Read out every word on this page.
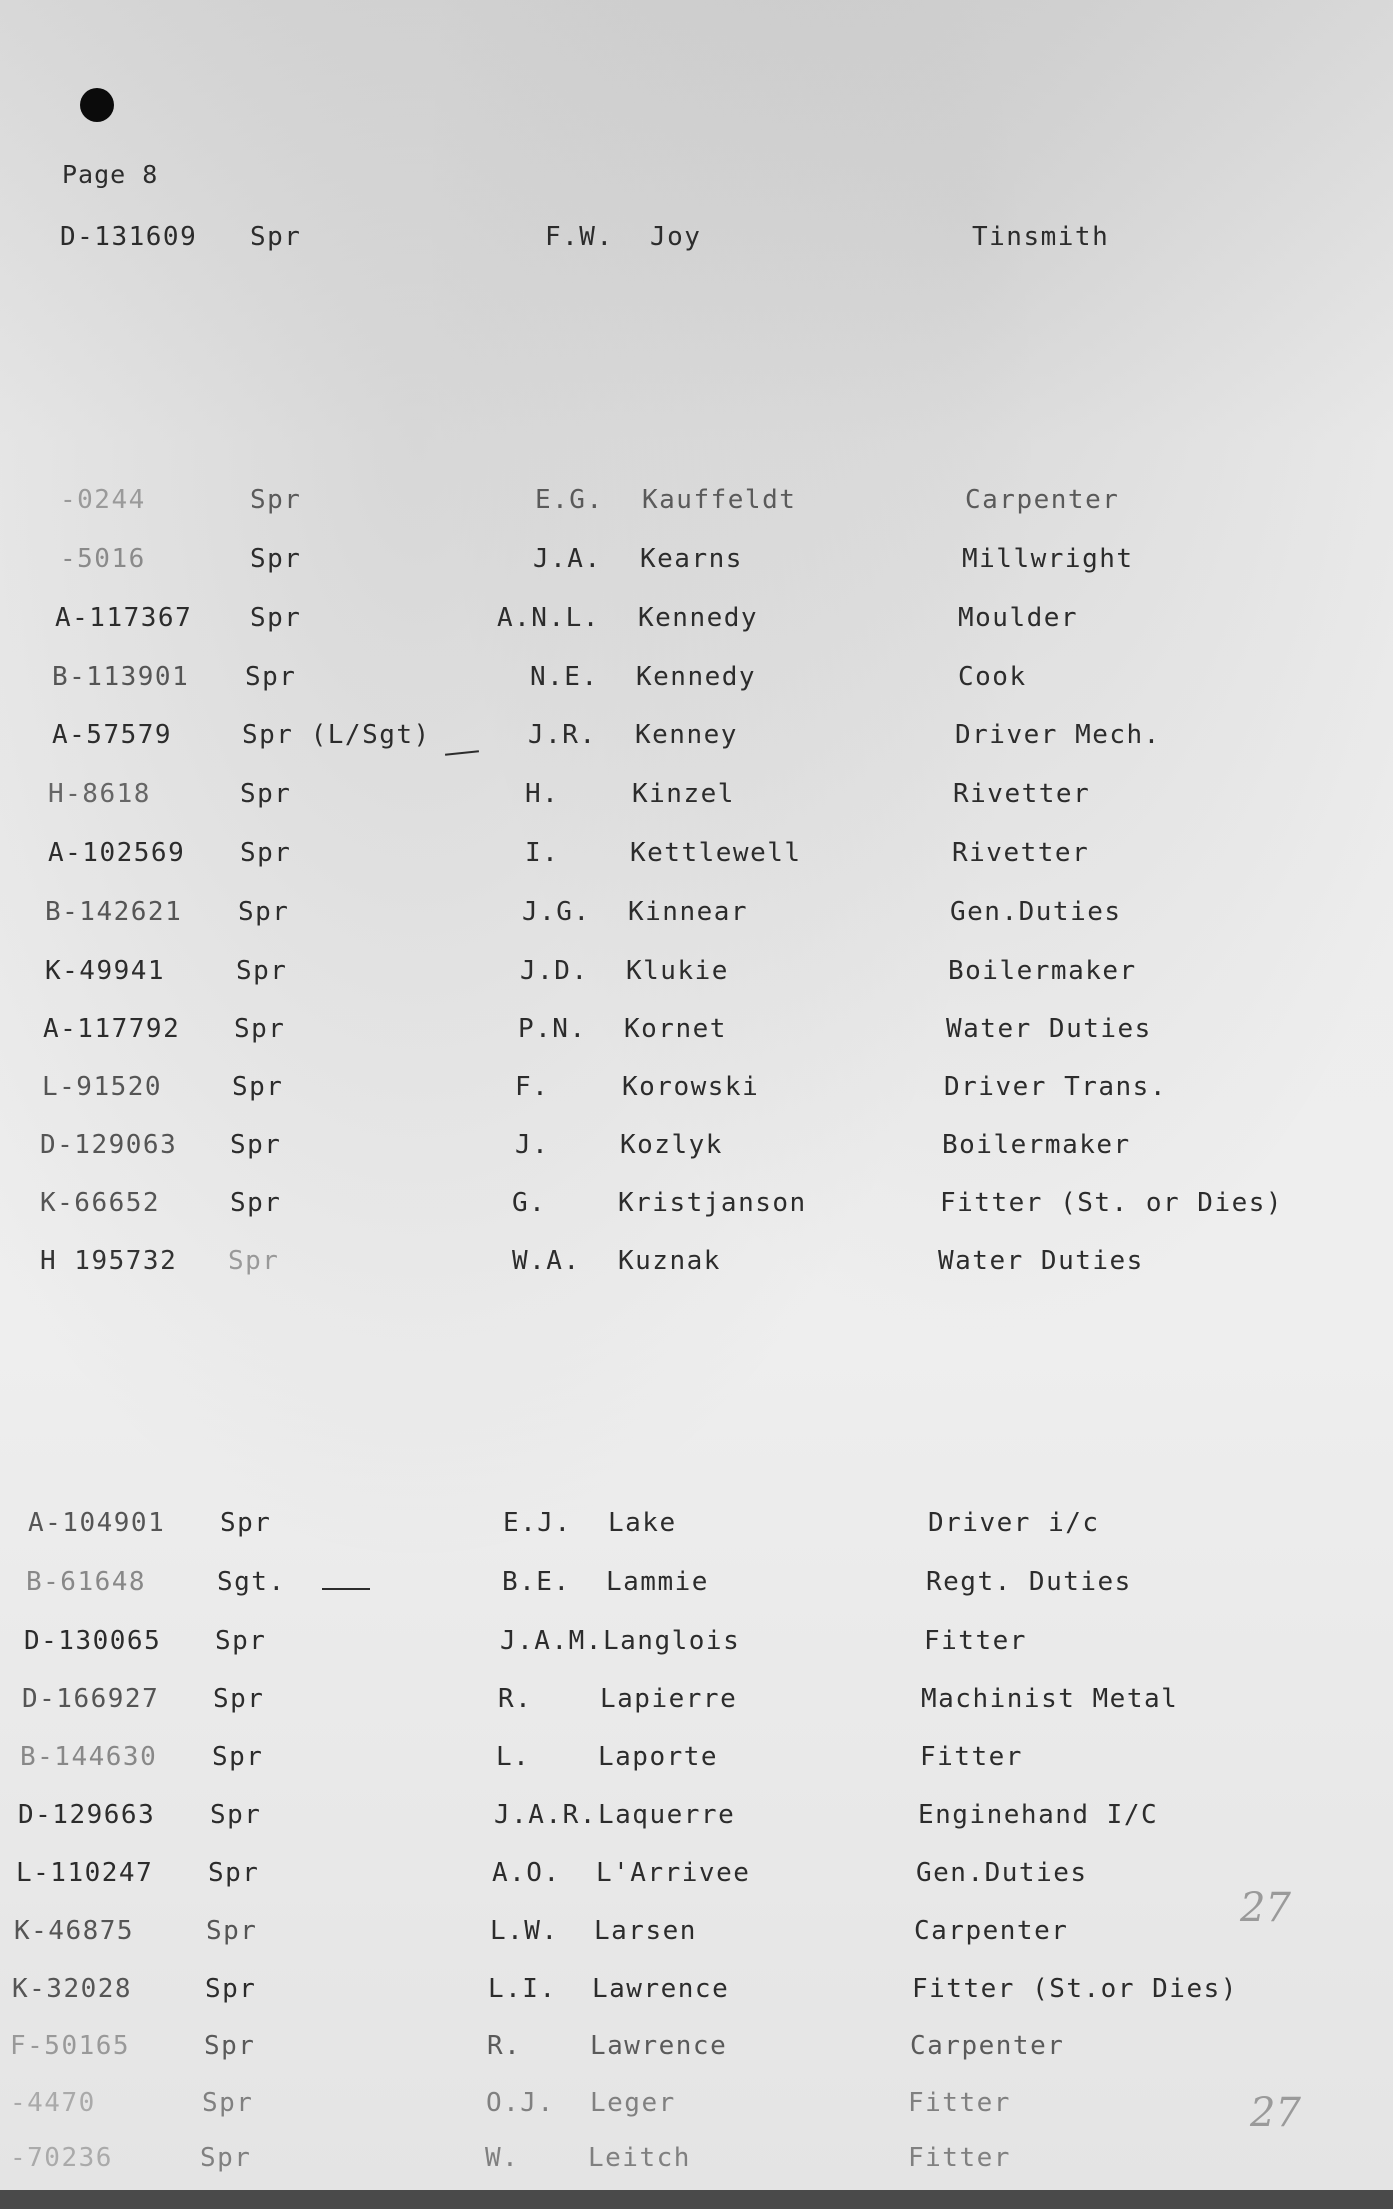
Page 8
D-131609 Spr	F.W. Joy	Tinsmith
-0244	Spr	E.G. Kauffeldt	Carpenter
-5016	Spr	J.A. Kearns	Millwright
A-117367 Spr	A.N.L. Kennedy	Moulder
B-113901 Spr	N.E. Kennedy	Cook
A-57579	Spr (L/Sgt)	J.R. Kenney	Driver Mech.
H-8618	Spr	H.	Kinzel	Rivetter
A-102569 Spr	I.	Kettlewell	Rivetter
B-142621 Spr	J.G. Kinnear	Gen.Duties
K-49941	Spr	J.D. Klukie	Boilermaker
A-117792 Spr	P.N. Kornet	Water Duties
L-91520	Spr	F.	Korowski	Driver Trans.
D-129063 Spr	J.	Kozlyk	Boilermaker
K-66652	Spr	G.	Kristjanson	Fitter (St. or Dies)
H 195732 Spr	W.A. Kuznak	Water Duties
A-104901 Spr	E.J. Lake	Driver i/c
B-61648	Sgt.	B.E. Lammie	Regt. Duties
D-130065 Spr	J.A.M. Langlois	Fitter
D-166927 Spr	R.	Lapierre	Machinist Metal
B-144630 Spr	L.	Laporte	Fitter
D-129663 Spr	J.A.R. Laquerre	Enginehand I/C
L-110247 Spr	A.O. L'Arrivee	Gen.Duties
K-46875	Spr	L.W. Larsen	Carpenter
K-32028	Spr	L.I. Lawrence	Fitter (St.or Dies)
F-50165	Spr	R.	Lawrence	Carpenter
-4470	Spr	O.J. Leger	Fitter
-70236	Spr	W.	Leitch	Fitter
27
27
